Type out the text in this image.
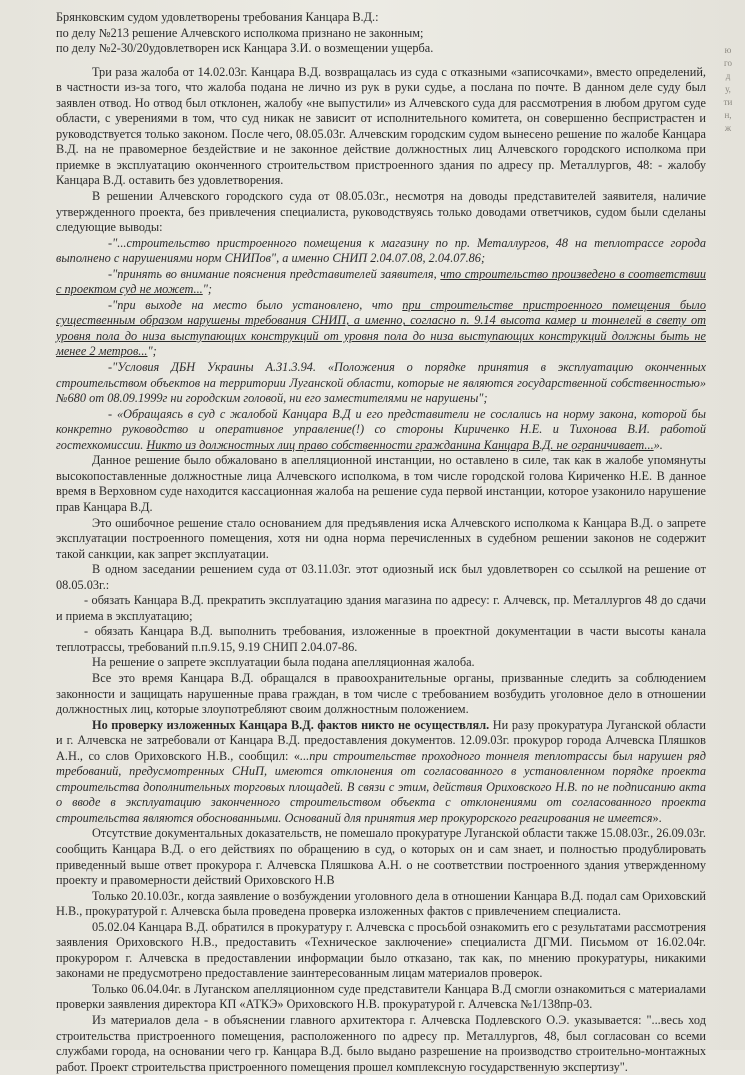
Брянковским судом удовлетворены требования Канцара В.Д.:

по делу №213 решение Алчевского исполкома признано не законным;

по делу №2-30/20удовлетворен иск Канцара З.И. о возмещении ущерба.

Три раза жалоба от 14.02.03г. Канцара В.Д. возвращалась из суда с отказными «записочками», вместо определений, в частности из-за того, что жалоба подана не лично из рук в руки судье, а послана по почте. В данном деле суду был заявлен отвод. Но отвод был отклонен, жалобу «не выпустили» из Алчевского суда для рассмотрения в любом другом суде области, с уверениями в том, что суд никак не зависит от исполнительного комитета, он совершенно беспристрастен и руководствуется только законом. После чего, 08.05.03г. Алчевским городским судом вынесено решение по жалобе Канцара В.Д. на не правомерное бездействие и не законное действие должностных лиц Алчевского городского исполкома при приемке в эксплуатацию оконченного строительством пристроенного здания по адресу пр. Металлургов, 48: - жалобу Канцара В.Д. оставить без удовлетворения.

В решении Алчевского городского суда от 08.05.03г., несмотря на доводы представителей заявителя, наличие утвержденного проекта, без привлечения специалиста, руководствуясь только доводами ответчиков, судом были сделаны следующие выводы:

-"...строительство пристроенного помещения к магазину по пр. Металлургов, 48 на теплотрассе города выполнено с нарушениями норм СНИПов", а именно СНИП 2.04.07.08, 2.04.07.86;

-"принять во внимание пояснения представителей заявителя, что строительство произведено в соответствии с проектом суд не может...";

-"при выходе на место было установлено, что при строительстве пристроенного помещения было существенным образом нарушены требования СНИП, а именно, согласно п. 9.14 высота камер и тоннелей в свету от уровня пола до низа выступающих конструкций от уровня пола до низа выступающих конструкций должны быть не менее 2 метров...";

-"Условия ДБН Украины А.З1.3.94. «Положения о порядке принятия в эксплуатацию оконченных строительством объектов на территории Луганской области, которые не являются государственной собственностью» №680 от 08.09.1999г ни городским головой, ни его заместителями не нарушены";

- «Обращаясь в суд с жалобой Канцара В.Д и его представители не сослались на норму закона, которой бы конкретно руководство и оперативное управление(!) со стороны Кириченко Н.Е. и Тихонова В.И. работой гостехкомиссии. Никто из должностных лиц право собственности гражданина Канцара В.Д. не ограничивает...».

Данное решение было обжаловано в апелляционной инстанции, но оставлено в силе, так как в жалобе упомянуты высокопоставленные должностные лица Алчевского исполкома, в том числе городской голова Кириченко Н.Е. В данное время в Верховном суде находится кассационная жалоба на решение суда первой инстанции, которое узаконило нарушение прав Канцара В.Д.

Это ошибочное решение стало основанием для предъявления иска Алчевского исполкома к Канцара В.Д. о запрете эксплуатации построенного помещения, хотя ни одна норма перечисленных в судебном решении законов не содержит такой санкции, как запрет эксплуатации.

В одном заседании решением суда от 03.11.03г. этот одиозный иск был удовлетворен со ссылкой на решение от 08.05.03г.:

- обязать Канцара В.Д. прекратить эксплуатацию здания магазина по адресу: г. Алчевск, пр. Металлургов 48 до сдачи и приема в эксплуатацию;

- обязать Канцара В.Д. выполнить требования, изложенные в проектной документации в части высоты канала теплотрассы, требований п.п.9.15, 9.19 СНИП 2.04.07-86.

На решение о запрете эксплуатации была подана апелляционная жалоба.

Все это время Канцара В.Д. обращался в правоохранительные органы, призванные следить за соблюдением законности и защищать нарушенные права граждан, в том числе с требованием возбудить уголовное дело в отношении должностных лиц, которые злоупотребляют своим должностным положением.

Но проверку изложенных Канцара В.Д. фактов никто не осуществлял. Ни разу прокуратура Луганской области и г. Алчевска не затребовали от Канцара В.Д. предоставления документов. 12.09.03г. прокурор города Алчевска Пляшков А.Н., со слов Ориховского Н.В., сообщил: «...при строительстве проходного тоннеля теплотрассы был нарушен ряд требований, предусмотренных СНиП, имеются отклонения от согласованного в установленном порядке проекта строительства дополнительных торговых площадей. В связи с этим, действия Ориховского Н.В. по не подписанию акта о вводе в эксплуатацию законченного строительством объекта с отклонениями от согласованного проекта строительства являются обоснованными. Оснований для принятия мер прокурорского реагирования не имеется».

Отсутствие документальных доказательств, не помешало прокуратуре Луганской области также 15.08.03г., 26.09.03г. сообщить Канцара В.Д. о его действиях по обращению в суд, о которых он и сам знает, и полностью продублировать приведенный выше ответ прокурора г. Алчевска Пляшкова А.Н. о не соответствии построенного здания утвержденному проекту и правомерности действий Ориховского Н.В

Только 20.10.03г., когда заявление о возбуждении уголовного дела в отношении Канцара В.Д. подал сам Ориховский Н.В., прокуратурой г. Алчевска была проведена проверка изложенных фактов с привлечением специалиста.

05.02.04 Канцара В.Д. обратился в прокуратуру г. Алчевска с просьбой ознакомить его с результатами рассмотрения заявления Ориховского Н.В., предоставить «Техническое заключение» специалиста ДГМИ. Письмом от 16.02.04г. прокурором г. Алчевска в предоставлении информации было отказано, так как, по мнению прокуратуры, никакими законами не предусмотрено предоставление заинтересованным лицам материалов проверок.

Только 06.04.04г. в Луганском апелляционном суде представители Канцара В.Д смогли ознакомиться с материалами проверки заявления директора КП «АТКЭ» Ориховского Н.В. прокуратурой г. Алчевска №1/138пр-03.

Из материалов дела - в объяснении главного архитектора г. Алчевска Подлевского О.Э. указывается: "...весь ход строительства пристроенного помещения, расположенного по адресу пр. Металлургов, 48, был согласован со всеми службами города, на основании чего гр. Канцара В.Д. было выдано разрешение на производство строительно-монтажных работ. Проект строительства пристроенного помещения прошел комплексную государственную экспертизу".

ю
го
д
у,
ти
н,
ж
